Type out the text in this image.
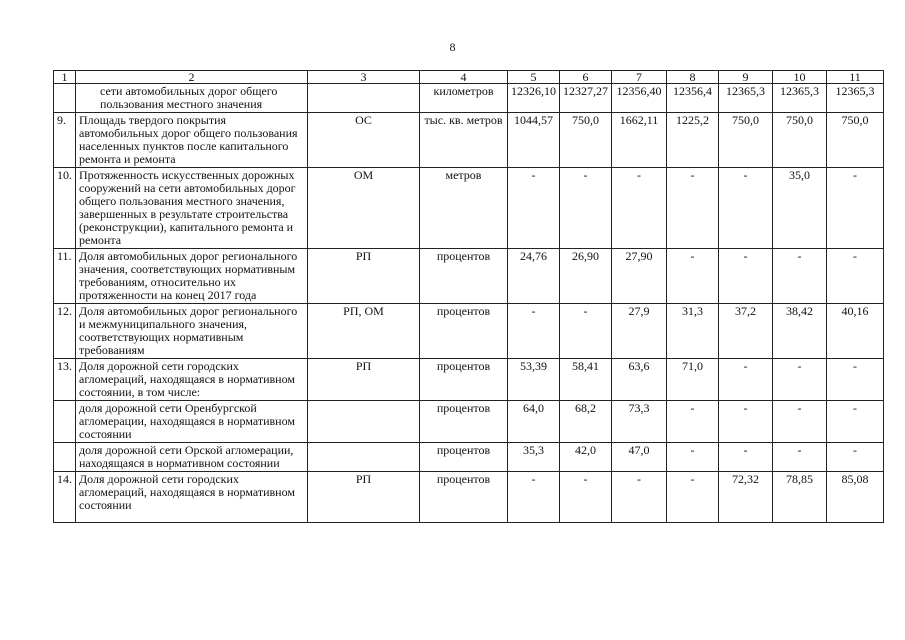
8
1	2	3	4	5	6	7	8	9	10	11
	сети автомобильных дорог общего пользования местного значения		километров	12326,10	12327,27	12356,40	12356,4	12365,3	12365,3	12365,3
9.	Площадь твердого покрытия автомобильных дорог общего пользования населенных пунктов после капитального ремонта и ремонта	ОС	тыс. кв. метров	1044,57	750,0	1662,11	1225,2	750,0	750,0	750,0
10.	Протяженность искусственных дорожных сооружений на сети автомобильных дорог общего пользования местного значения, завершенных в результате строительства (реконструкции), капитального ремонта и ремонта	ОМ	метров	-	-	-	-	-	35,0	-
11.	Доля автомобильных дорог регионального значения, соответствующих нормативным требованиям, относительно их протяженности на конец 2017 года	РП	процентов	24,76	26,90	27,90	-	-	-	-
12.	Доля автомобильных дорог регионального и межмуниципального значения, соответствующих нормативным требованиям	РП, ОМ	процентов	-	-	27,9	31,3	37,2	38,42	40,16
13.	Доля дорожной сети городских агломераций, находящаяся в нормативном состоянии, в том числе:	РП	процентов	53,39	58,41	63,6	71,0	-	-	-
	доля дорожной сети Оренбургской агломерации, находящаяся в нормативном состоянии		процентов	64,0	68,2	73,3	-	-	-	-
	доля дорожной сети Орской агломерации, находящаяся в нормативном состоянии		процентов	35,3	42,0	47,0	-	-	-	-
14.	Доля дорожной сети городских агломераций, находящаяся в нормативном состоянии	РП	процентов	-	-	-	-	72,32	78,85	85,08
